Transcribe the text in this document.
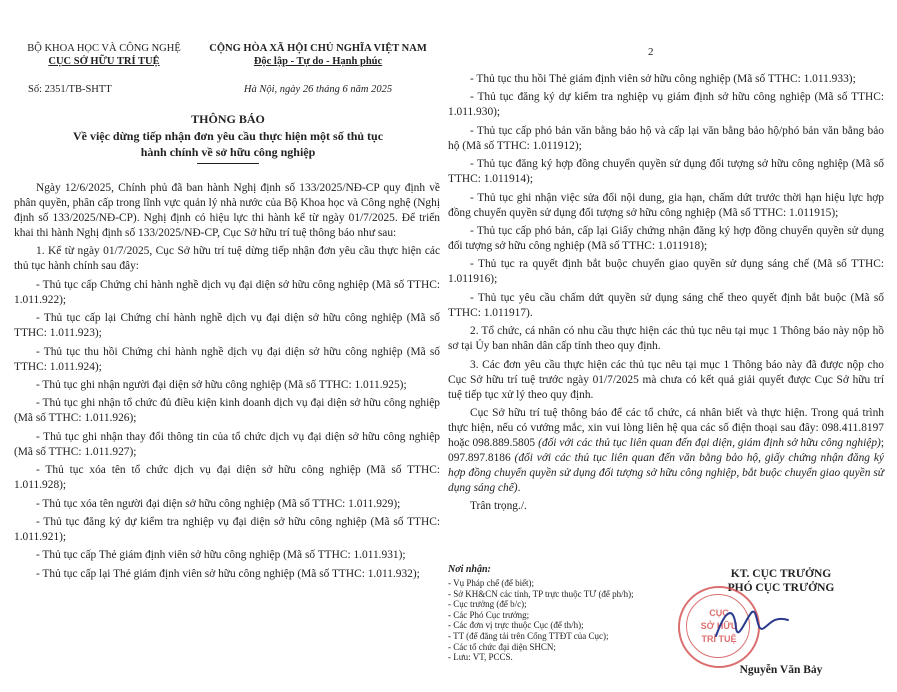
BỘ KHOA HỌC VÀ CÔNG NGHỆ
CỤC SỞ HỮU TRÍ TUỆ
Số: 2351/TB-SHTT
CỘNG HÒA XÃ HỘI CHỦ NGHĨA VIỆT NAM
Độc lập - Tự do - Hạnh phúc
Hà Nội, ngày 26 tháng 6 năm 2025
THÔNG BÁO
Về việc dừng tiếp nhận đơn yêu cầu thực hiện một số thủ tục
hành chính về sở hữu công nghiệp

Ngày 12/6/2025, Chính phủ đã ban hành Nghị định số 133/2025/NĐ-CP quy định về phân quyền, phân cấp trong lĩnh vực quản lý nhà nước của Bộ Khoa học và Công nghệ (Nghị định số 133/2025/NĐ-CP). Nghị định có hiệu lực thi hành kể từ ngày 01/7/2025. Để triển khai thi hành Nghị định số 133/2025/NĐ-CP, Cục Sở hữu trí tuệ thông báo như sau:

1. Kể từ ngày 01/7/2025, Cục Sở hữu trí tuệ dừng tiếp nhận đơn yêu cầu thực hiện các thủ tục hành chính sau đây:

- Thủ tục cấp Chứng chỉ hành nghề dịch vụ đại diện sở hữu công nghiệp (Mã số TTHC: 1.011.922);

- Thủ tục cấp lại Chứng chỉ hành nghề dịch vụ đại diện sở hữu công nghiệp (Mã số TTHC: 1.011.923);

- Thủ tục thu hồi Chứng chỉ hành nghề dịch vụ đại diện sở hữu công nghiệp (Mã số TTHC: 1.011.924);

- Thủ tục ghi nhận người đại diện sở hữu công nghiệp (Mã số TTHC: 1.011.925);

- Thủ tục ghi nhận tổ chức đủ điều kiện kinh doanh dịch vụ đại diện sở hữu công nghiệp (Mã số TTHC: 1.011.926);

- Thủ tục ghi nhận thay đổi thông tin của tổ chức dịch vụ đại diện sở hữu công nghiệp (Mã số TTHC: 1.011.927);

- Thủ tục xóa tên tổ chức dịch vụ đại diện sở hữu công nghiệp (Mã số TTHC: 1.011.928);

- Thủ tục xóa tên người đại diện sở hữu công nghiệp (Mã số TTHC: 1.011.929);

- Thủ tục đăng ký dự kiểm tra nghiệp vụ đại diện sở hữu công nghiệp (Mã số TTHC: 1.011.921);

- Thủ tục cấp Thẻ giám định viên sở hữu công nghiệp (Mã số TTHC: 1.011.931);

- Thủ tục cấp lại Thẻ giám định viên sở hữu công nghiệp (Mã số TTHC: 1.011.932);

2

- Thủ tục thu hồi Thẻ giám định viên sở hữu công nghiệp (Mã số TTHC: 1.011.933);

- Thủ tục đăng ký dự kiểm tra nghiệp vụ giám định sở hữu công nghiệp (Mã số TTHC: 1.011.930);

- Thủ tục cấp phó bản văn bằng bảo hộ và cấp lại văn bằng bảo hộ/phó bản văn bằng bảo hộ (Mã số TTHC: 1.011912);

- Thủ tục đăng ký hợp đồng chuyển quyền sử dụng đối tượng sở hữu công nghiệp (Mã số TTHC: 1.011914);

- Thủ tục ghi nhận việc sửa đổi nội dung, gia hạn, chấm dứt trước thời hạn hiệu lực hợp đồng chuyển quyền sử dụng đối tượng sở hữu công nghiệp (Mã số TTHC: 1.011915);

- Thủ tục cấp phó bản, cấp lại Giấy chứng nhận đăng ký hợp đồng chuyển quyền sử dụng đối tượng sở hữu công nghiệp (Mã số TTHC: 1.011918);

- Thủ tục ra quyết định bắt buộc chuyển giao quyền sử dụng sáng chế (Mã số TTHC: 1.011916);

- Thủ tục yêu cầu chấm dứt quyền sử dụng sáng chế theo quyết định bắt buộc (Mã số TTHC: 1.011917).

2. Tổ chức, cá nhân có nhu cầu thực hiện các thủ tục nêu tại mục 1 Thông báo này nộp hồ sơ tại Ủy ban nhân dân cấp tỉnh theo quy định.

3. Các đơn yêu cầu thực hiện các thủ tục nêu tại mục 1 Thông báo này đã được nộp cho Cục Sở hữu trí tuệ trước ngày 01/7/2025 mà chưa có kết quả giải quyết được Cục Sở hữu trí tuệ tiếp tục xử lý theo quy định.

Cục Sở hữu trí tuệ thông báo để các tổ chức, cá nhân biết và thực hiện. Trong quá trình thực hiện, nếu có vướng mắc, xin vui lòng liên hệ qua các số điện thoại sau đây: 098.411.8197 hoặc 098.889.5805 (đối với các thủ tục liên quan đến đại diện, giám định sở hữu công nghiệp); 097.897.8186 (đối với các thủ tục liên quan đến văn bằng bảo hộ, giấy chứng nhận đăng ký hợp đồng chuyển quyền sử dụng đối tượng sở hữu công nghiệp, bắt buộc chuyển giao quyền sử dụng sáng chế).

Trân trọng./.

Nơi nhận:
- Vụ Pháp chế (để biết);
- Sở KH&CN các tỉnh, TP trực thuộc TƯ (để ph/h);
- Cục trưởng (để b/c);
- Các Phó Cục trưởng;
- Các đơn vị trực thuộc Cục (để th/h);
- TT (để đăng tải trên Cổng TTĐT của Cục);
- Các tổ chức đại diện SHCN;
- Lưu: VT, PCCS.
KT. CỤC TRƯỞNG
PHÓ CỤC TRƯỞNG
Nguyễn Văn Bảy
CỤC
SỞ HỮU
TRÍ TUỆ
